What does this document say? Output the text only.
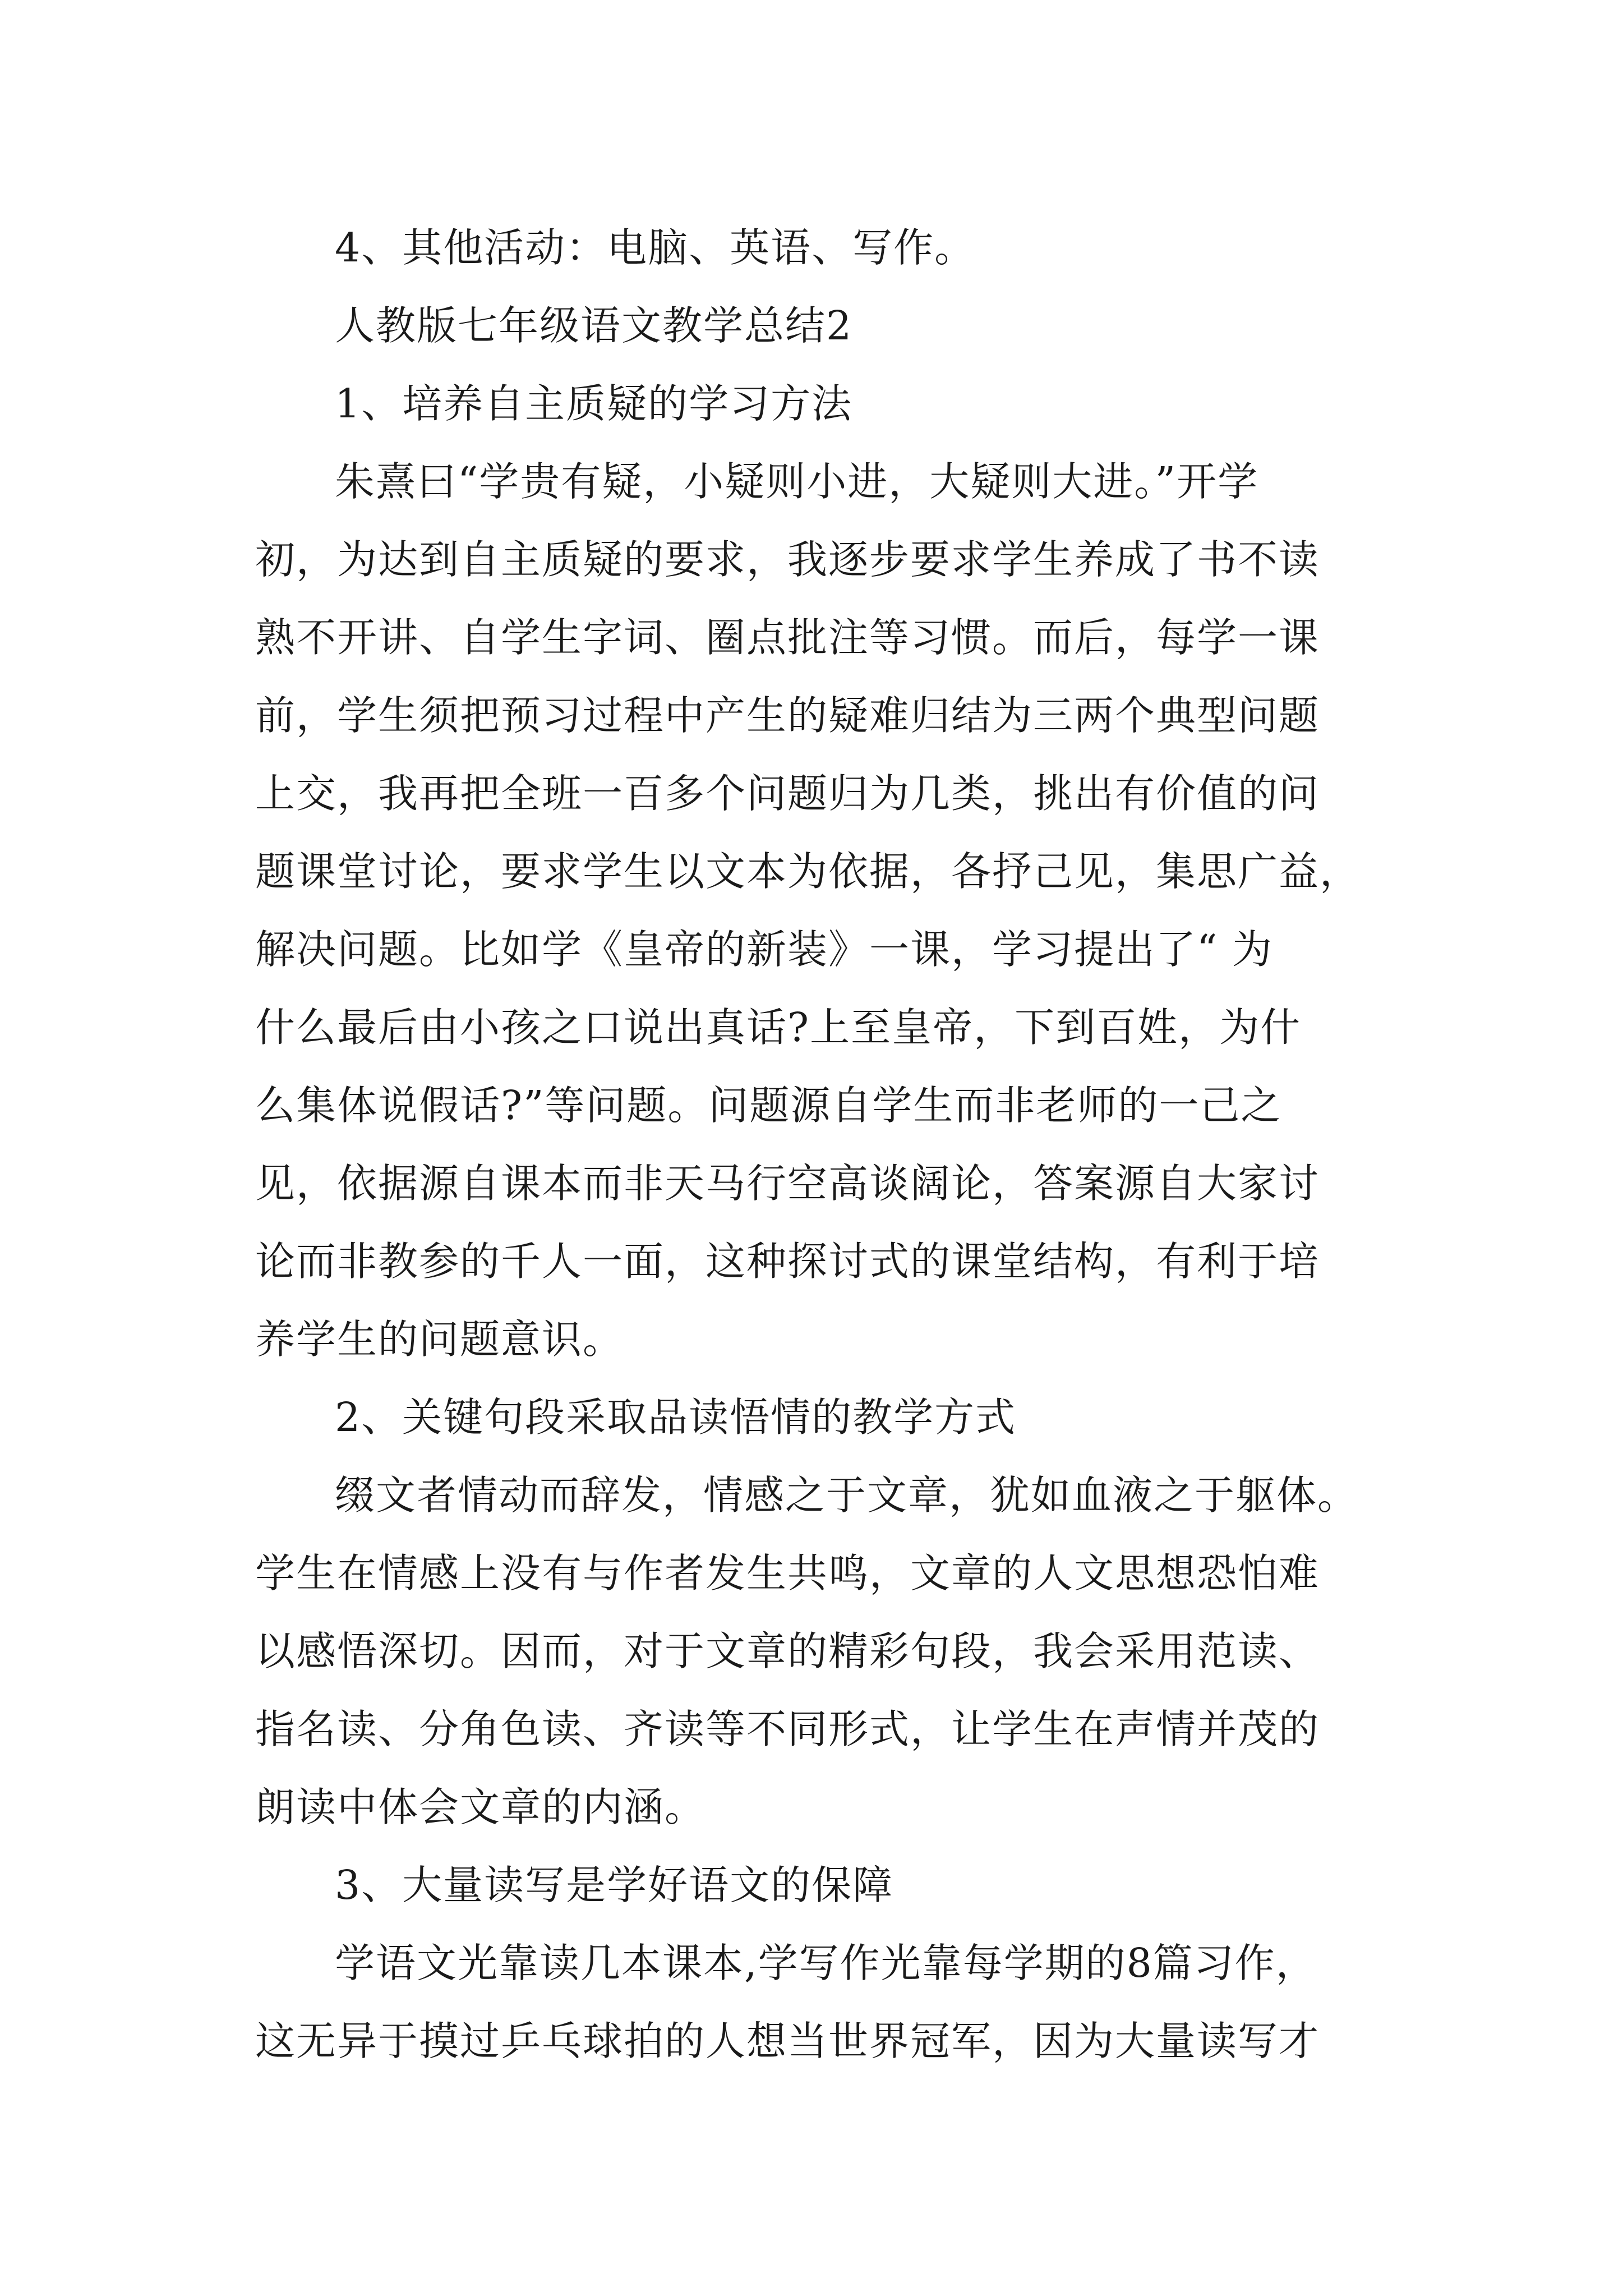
4、其他活动：电脑、英语、写作。
人教版七年级语文教学总结2
1、培养自主质疑的学习方法
朱熹曰“学贵有疑，小疑则小进，大疑则大进。”开学
初，为达到自主质疑的要求，我逐步要求学生养成了书不读
熟不开讲、自学生字词、圈点批注等习惯。而后，每学一课
前，学生须把预习过程中产生的疑难归结为三两个典型问题
上交，我再把全班一百多个问题归为几类，挑出有价值的问
题课堂讨论，要求学生以文本为依据，各抒己见，集思广益，
解决问题。比如学《皇帝的新装》一课，学习提出了“ 为
什么最后由小孩之口说出真话?上至皇帝，下到百姓，为什
么集体说假话?”等问题。问题源自学生而非老师的一己之
见，依据源自课本而非天马行空高谈阔论，答案源自大家讨
论而非教参的千人一面，这种探讨式的课堂结构，有利于培
养学生的问题意识。
2、关键句段采取品读悟情的教学方式
缀文者情动而辞发，情感之于文章，犹如血液之于躯体。
学生在情感上没有与作者发生共鸣，文章的人文思想恐怕难
以感悟深切。因而，对于文章的精彩句段，我会采用范读、
指名读、分角色读、齐读等不同形式，让学生在声情并茂的
朗读中体会文章的内涵。
3、大量读写是学好语文的保障
学语文光靠读几本课本,学写作光靠每学期的8篇习作，
这无异于摸过乒乓球拍的人想当世界冠军，因为大量读写才
